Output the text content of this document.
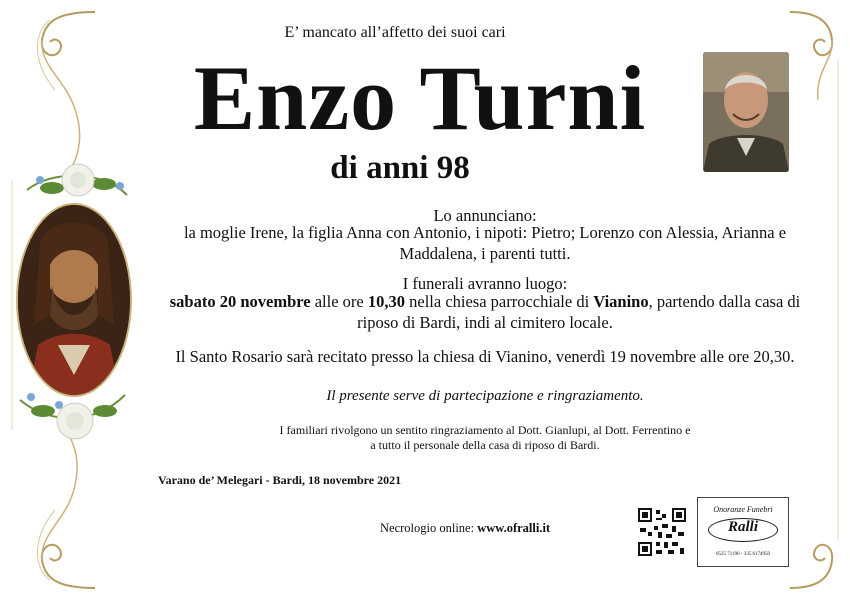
E’ mancato all’affetto dei suoi cari
Enzo Turni
di anni 98
Lo annunciano:
la moglie Irene, la figlia Anna con Antonio, i nipoti: Pietro; Lorenzo con Alessia, Arianna e Maddalena, i parenti tutti.
I funerali avranno luogo:
sabato 20 novembre alle ore 10,30 nella chiesa parrocchiale di Vianino, partendo dalla casa di riposo di Bardi, indi al cimitero locale.
Il Santo Rosario sarà recitato presso la chiesa di Vianino, venerdì 19 novembre alle ore 20,30.
Il presente serve di partecipazione e ringraziamento.
I familiari rivolgono un sentito ringraziamento al Dott. Gianlupi, al Dott. Ferrentino e
a tutto il personale della casa di riposo di Bardi.
Varano de’ Melegari - Bardi, 18 novembre 2021
Necrologio online: www.ofralli.it
Onoranze Funebri
Ralli
0525 71190 - 335 6174950
